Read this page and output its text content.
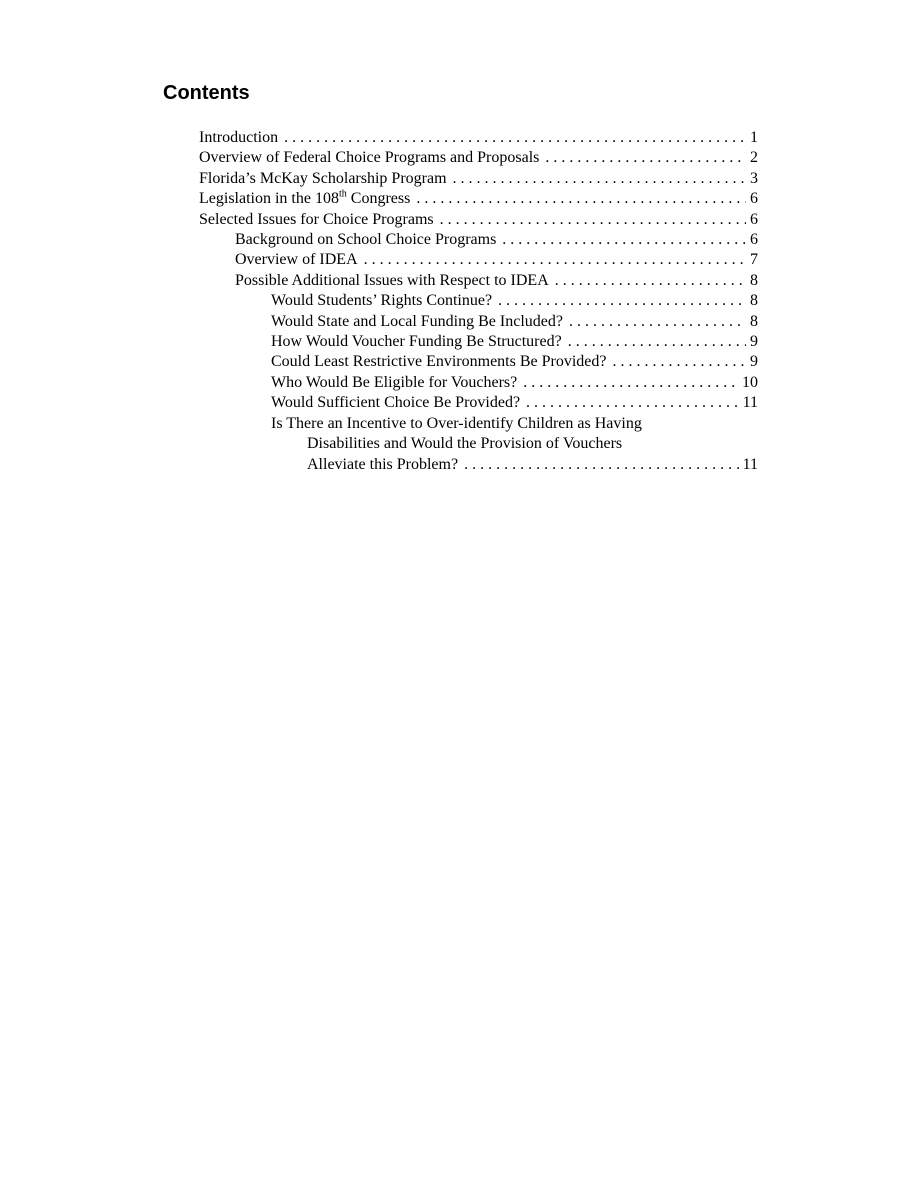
Contents
Introduction	1
Overview of Federal Choice Programs and Proposals	2
Florida’s McKay Scholarship Program	3
Legislation in the 108th Congress	6
Selected Issues for Choice Programs	6
Background on School Choice Programs	6
Overview of IDEA	7
Possible Additional Issues with Respect to IDEA	8
Would Students’ Rights Continue?	8
Would State and Local Funding Be Included?	8
How Would Voucher Funding Be Structured?	9
Could Least Restrictive Environments Be Provided?	9
Who Would Be Eligible for Vouchers?	10
Would Sufficient Choice Be Provided?	11
Is There an Incentive to Over-identify Children as Having
Disabilities and Would the Provision of Vouchers
Alleviate this Problem?	11
